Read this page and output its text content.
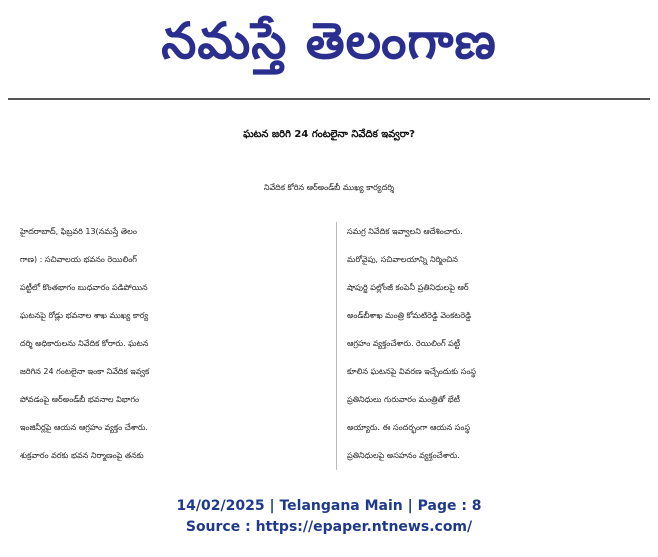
నమస్తే తెలంగాణ
ఘటన జరిగి 24 గంటలైనా నివేదిక ఇవ్వరా?
నివేదిక కోరిన ఆర్‌అండ్‌బీ ముఖ్య కార్యదర్శి
హైదరాబాద్, ఫిబ్రవరి 13(నమస్తే తెలం
గాణ) : సచివాలయ భవనం రెయిలింగ్
పట్టీలో కొంతభాగం బుధవారం పడిపోయిన
ఘటనపై రోడ్లు భవనాల శాఖ ముఖ్య కార్య
దర్శి అధికారులను నివేదిక కోరారు. ఘటన
జరిగిన 24 గంటలైనా ఇంకా నివేదిక ఇవ్వక
పోవడంపై ఆర్‌అండ్‌బీ భవనాల విభాగం
ఇంజినీర్లపై ఆయన ఆగ్రహం వ్యక్తం చేశారు.
శుక్రవారం వరకు భవన నిర్మాణంపై తనకు
సమగ్ర నివేదిక ఇవ్వాలని ఆదేశించారు.
మరోవైపు, సచివాలయాన్ని నిర్మించిన
షాపుర్జి పల్లోంజీ కంపెనీ ప్రతినిధులపై ఆర్
అండ్‌బీశాఖ మంత్రి కోమటిరెడ్డి వెంకటరెడ్డి
ఆగ్రహం వ్యక్తంచేశారు. రెయిలింగ్ పట్టీ
కూలిన ఘటనపై వివరణ ఇచ్చేందుకు సంస్థ
ప్రతినిధులు గురువారం మంత్రితో భేటీ
అయ్యారు. ఈ సందర్భంగా ఆయన సంస్థ
ప్రతినిధులపై అసహనం వ్యక్తంచేశారు.
14/02/2025 | Telangana Main | Page : 8
Source : https://epaper.ntnews.com/
